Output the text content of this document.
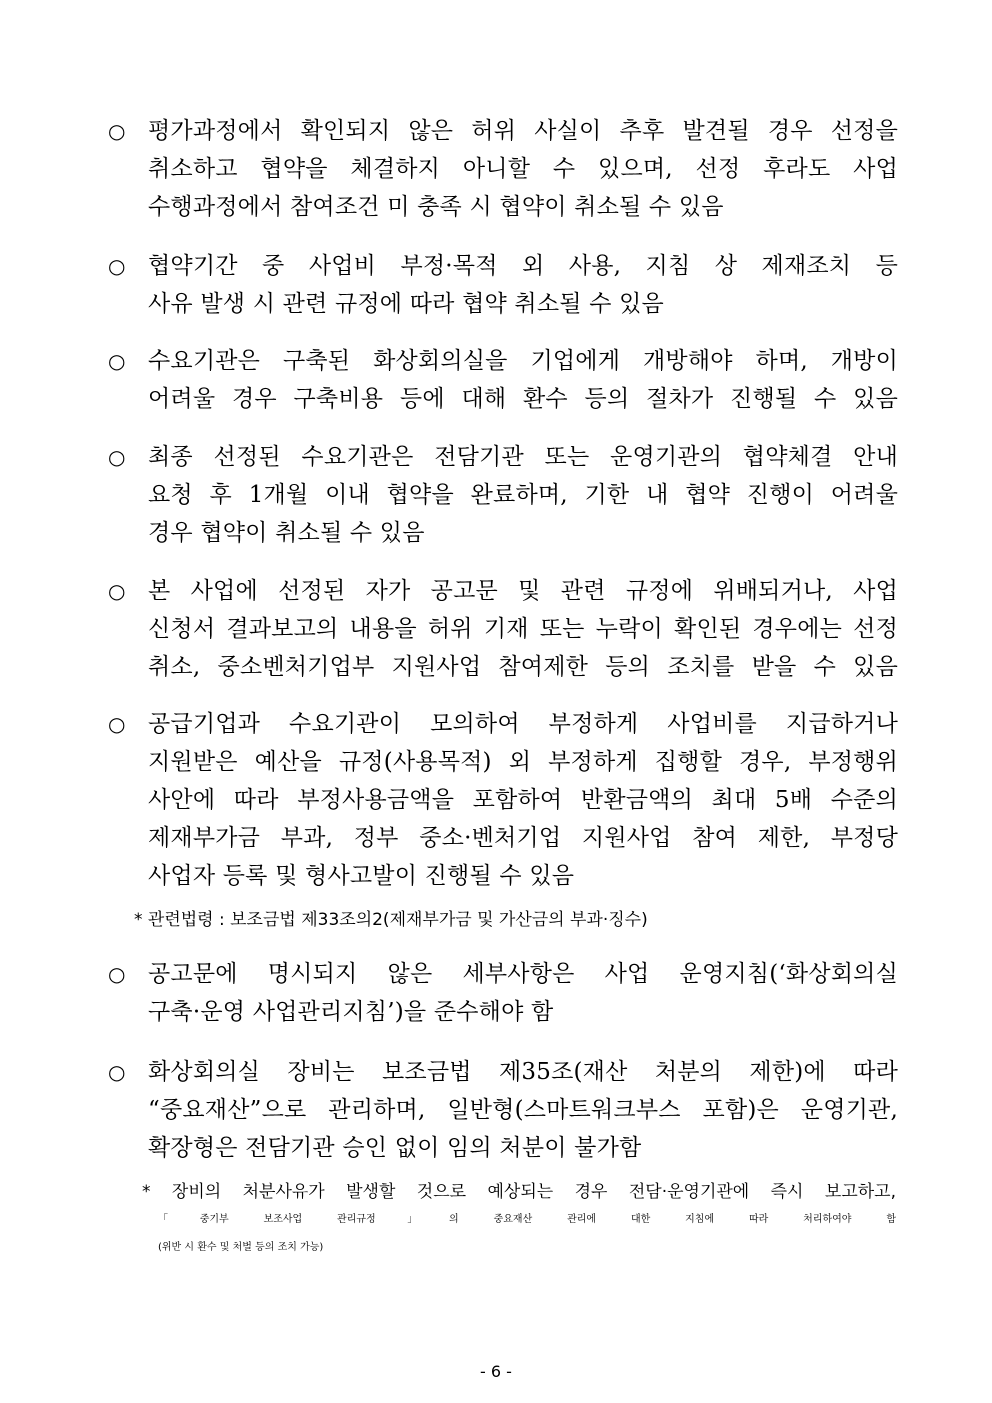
○ 평가과정에서 확인되지 않은 허위 사실이 추후 발견될 경우 선정을
취소하고 협약을 체결하지 아니할 수 있으며, 선정 후라도 사업
수행과정에서 참여조건 미 충족 시 협약이 취소될 수 있음
○ 협약기간 중 사업비 부정·목적 외 사용, 지침 상 제재조치 등
사유 발생 시 관련 규정에 따라 협약 취소될 수 있음
○ 수요기관은 구축된 화상회의실을 기업에게 개방해야 하며, 개방이
어려울 경우 구축비용 등에 대해 환수 등의 절차가 진행될 수 있음
○ 최종 선정된 수요기관은 전담기관 또는 운영기관의 협약체결 안내
요청 후 1개월 이내 협약을 완료하며, 기한 내 협약 진행이 어려울
경우 협약이 취소될 수 있음
○ 본 사업에 선정된 자가 공고문 및 관련 규정에 위배되거나, 사업
신청서 결과보고의 내용을 허위 기재 또는 누락이 확인된 경우에는 선정
취소, 중소벤처기업부 지원사업 참여제한 등의 조치를 받을 수 있음
○ 공급기업과 수요기관이 모의하여 부정하게 사업비를 지급하거나
지원받은 예산을 규정(사용목적) 외 부정하게 집행할 경우, 부정행위
사안에 따라 부정사용금액을 포함하여 반환금액의 최대 5배 수준의
제재부가금 부과, 정부 중소·벤처기업 지원사업 참여 제한, 부정당
사업자 등록 및 형사고발이 진행될 수 있음
* 관련법령 : 보조금법 제33조의2(제재부가금 및 가산금의 부과·징수)
○ 공고문에 명시되지 않은 세부사항은 사업 운영지침(‘화상회의실
구축·운영 사업관리지침’)을 준수해야 함
○ 화상회의실 장비는 보조금법 제35조(재산 처분의 제한)에 따라
“중요재산”으로 관리하며, 일반형(스마트워크부스 포함)은 운영기관,
확장형은 전담기관 승인 없이 임의 처분이 불가함
* 장비의 처분사유가 발생할 것으로 예상되는 경우 전담·운영기관에 즉시 보고하고,
「중기부 보조사업 관리규정」의 중요재산 관리에 대한 지침에 따라 처리하여야 함
(위반 시 환수 및 처벌 등의 조치 가능)
- 6 -
